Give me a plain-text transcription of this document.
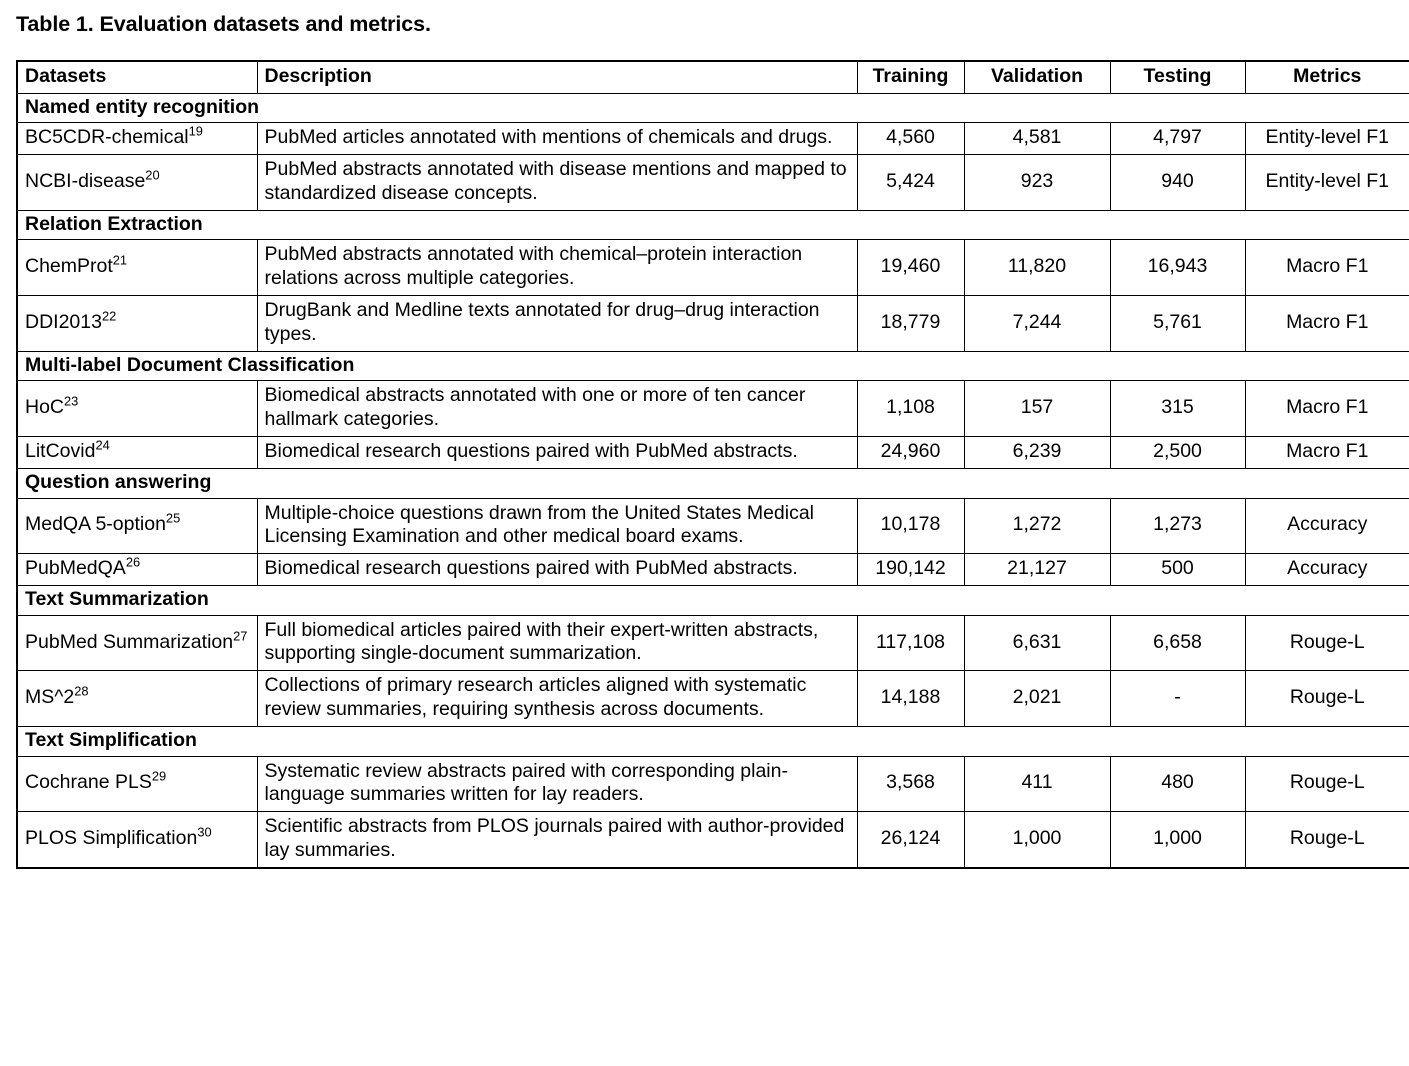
Table 1. Evaluation datasets and metrics.
Datasets	Description	Training	Validation	Testing	Metrics
Named entity recognition					
BC5CDR-chemical$^{19}$	PubMed articles annotated with mentions of chemicals and drugs.	4,560	4,581	4,797	Entity-level F1
NCBI-disease$^{20}$	PubMed abstracts annotated with disease mentions and mapped to standardized disease concepts.	5,424	923	940	Entity-level F1
Relation Extraction					
ChemProt$^{21}$	PubMed abstracts annotated with chemical–protein interaction relations across multiple categories.	19,460	11,820	16,943	Macro F1
DDI2013$^{22}$	DrugBank and Medline texts annotated for drug–drug interaction types.	18,779	7,244	5,761	Macro F1
Multi-label Document Classification					
HoC$^{23}$	Biomedical abstracts annotated with one or more of ten cancer hallmark categories.	1,108	157	315	Macro F1
LitCovid$^{24}$	Biomedical research questions paired with PubMed abstracts.	24,960	6,239	2,500	Macro F1
Question answering					
MedQA 5-option$^{25}$	Multiple-choice questions drawn from the United States Medical Licensing Examination and other medical board exams.	10,178	1,272	1,273	Accuracy
PubMedQA$^{26}$	Biomedical research questions paired with PubMed abstracts.	190,142	21,127	500	Accuracy
Text Summarization					
PubMed Summarization$^{27}$	Full biomedical articles paired with their expert-written abstracts, supporting single-document summarization.	117,108	6,631	6,658	Rouge-L
$MS\^{}2^{28}$	Collections of primary research articles aligned with systematic review summaries, requiring synthesis across documents.	14,188	2,021	-	Rouge-L
Text Simplification					
Cochrane PLS$^{29}$	Systematic review abstracts paired with corresponding plain-language summaries written for lay readers.	3,568	411	480	Rouge-L
PLOS Simplification$^{30}$	Scientific abstracts from PLOS journals paired with author-provided lay summaries.	26,124	1,000	1,000	Rouge-L
